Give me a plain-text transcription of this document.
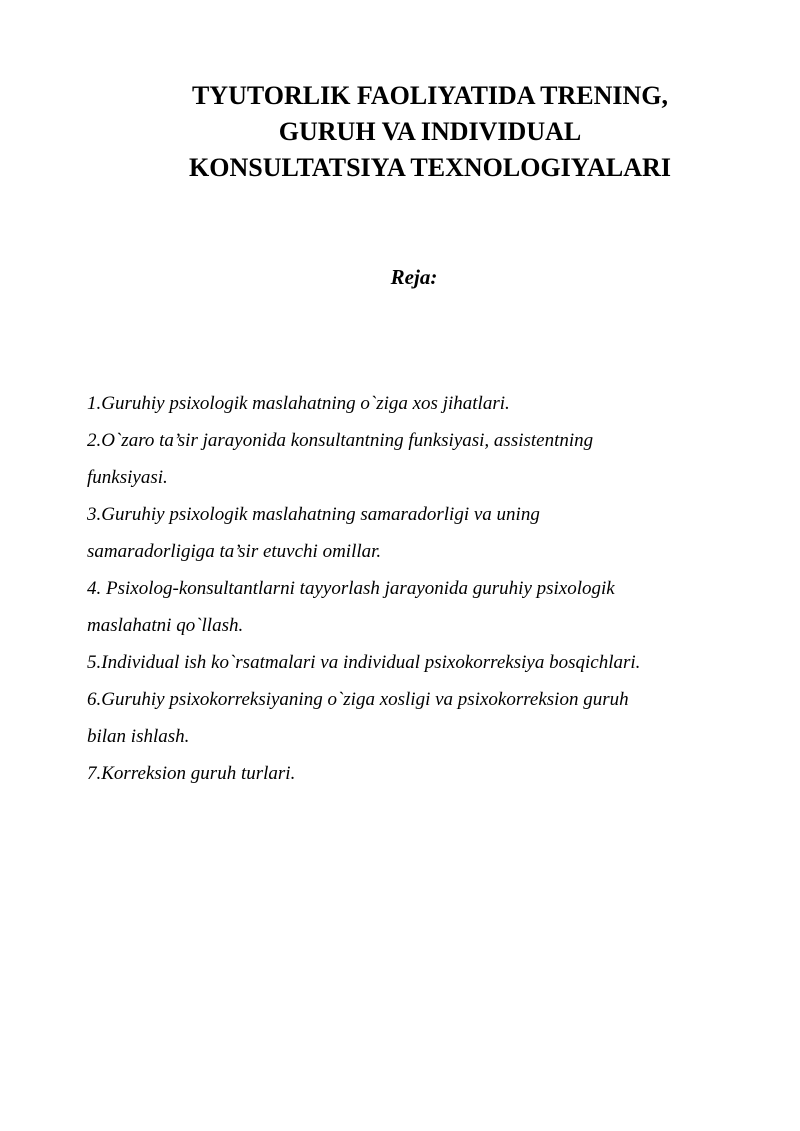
TYUTORLIK FAOLIYATIDA TRENING,
GURUH VA INDIVIDUAL
KONSULTATSIYA TEXNOLOGIYALARI

Reja:

1.Guruhiy psixologik maslahatning o`ziga xos jihatlari.
2.O`zaro ta’sir jarayonida konsultantning funksiyasi, assistentning
funksiyasi.
3.Guruhiy psixologik maslahatning samaradorligi va uning
samaradorligiga ta’sir etuvchi omillar.
4. Psixolog-konsultantlarni tayyorlash jarayonida guruhiy psixologik
maslahatni qo`llash.
5.Individual ish ko`rsatmalari va individual psixokorreksiya bosqichlari.
6.Guruhiy psixokorreksiyaning o`ziga xosligi va psixokorreksion guruh
bilan ishlash.
7.Korreksion guruh turlari.
